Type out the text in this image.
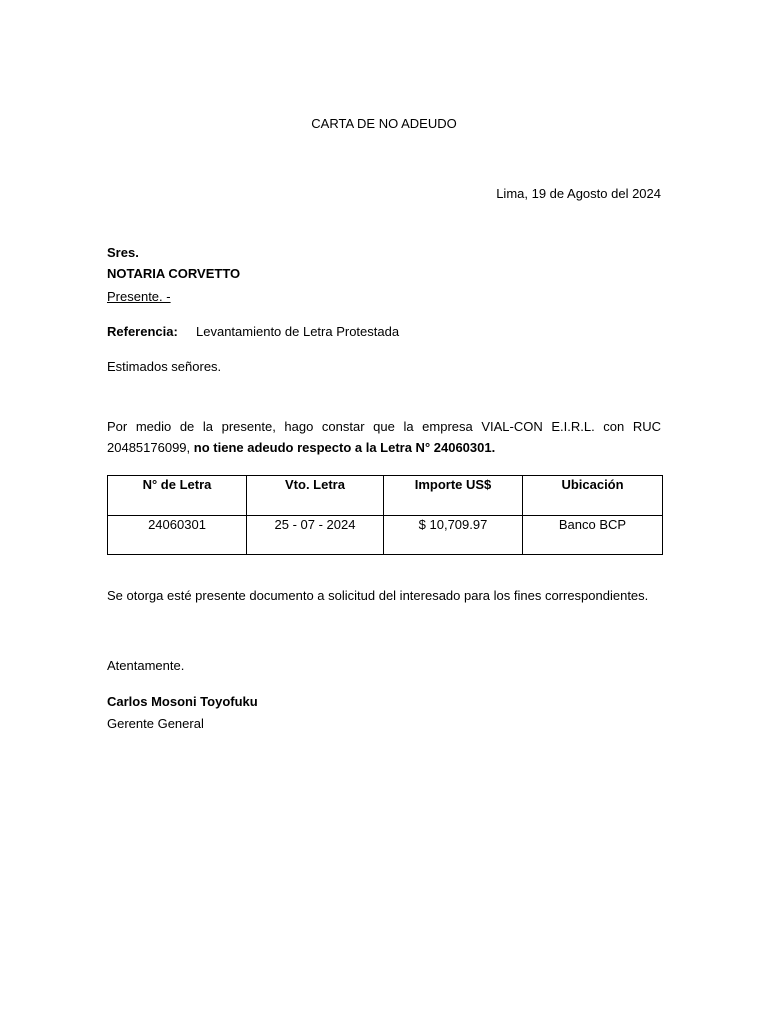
CARTA DE NO ADEUDO
Lima, 19 de Agosto del 2024
Sres.
NOTARIA CORVETTO
Presente. -
Referencia: Levantamiento de Letra Protestada
Estimados señores.
Por medio de la presente, hago constar que la empresa VIAL-CON E.I.R.L. con RUC 20485176099, no tiene adeudo respecto a la Letra N° 24060301.
N° de Letra	Vto. Letra	Importe US$	Ubicación

24060301	25 - 07 - 2024	$ 10,709.97	Banco BCP
Se otorga esté presente documento a solicitud del interesado para los fines correspondientes.
Atentamente.
Carlos Mosoni Toyofuku
Gerente General
